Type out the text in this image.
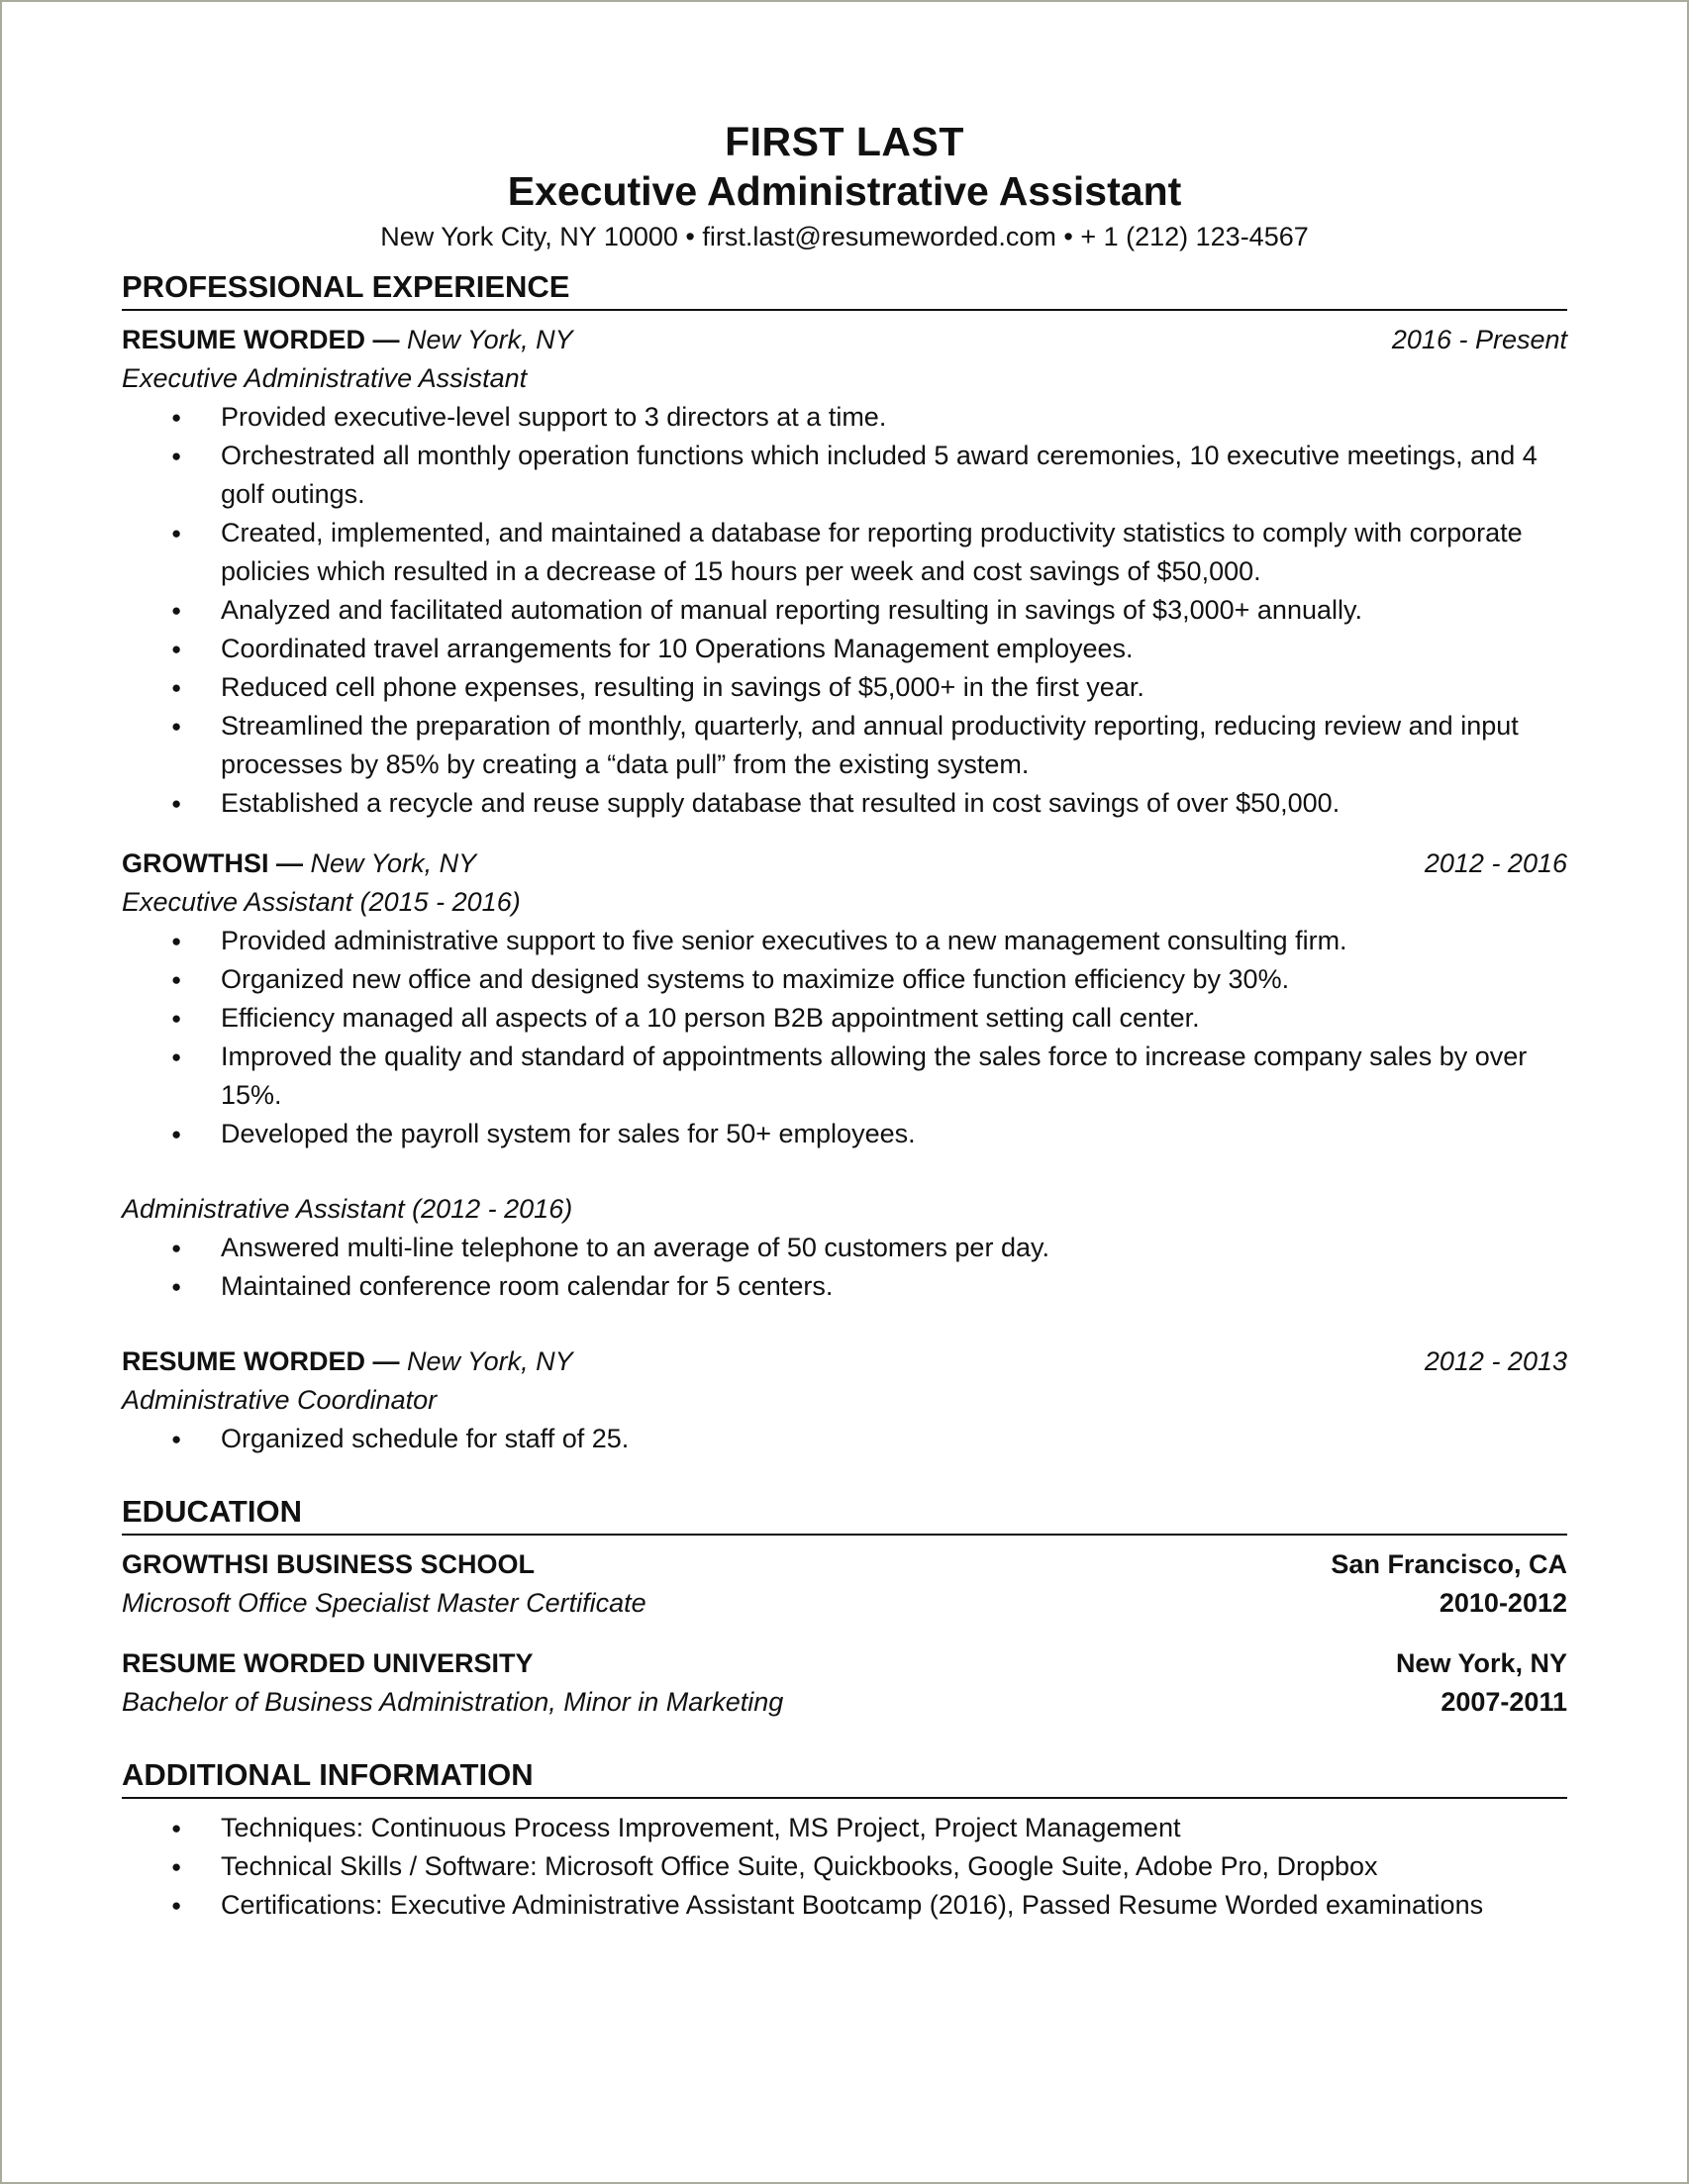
FIRST LAST
Executive Administrative Assistant
New York City, NY 10000 • first.last@resumeworded.com • + 1 (212) 123-4567
PROFESSIONAL EXPERIENCE
RESUME WORDED — New York, NY	2016 - Present
Executive Administrative Assistant
● Provided executive-level support to 3 directors at a time.
● Orchestrated all monthly operation functions which included 5 award ceremonies, 10 executive meetings, and 4 golf outings.
● Created, implemented, and maintained a database for reporting productivity statistics to comply with corporate policies which resulted in a decrease of 15 hours per week and cost savings of $50,000.
● Analyzed and facilitated automation of manual reporting resulting in savings of $3,000+ annually.
● Coordinated travel arrangements for 10 Operations Management employees.
● Reduced cell phone expenses, resulting in savings of $5,000+ in the first year.
● Streamlined the preparation of monthly, quarterly, and annual productivity reporting, reducing review and input processes by 85% by creating a “data pull” from the existing system.
● Established a recycle and reuse supply database that resulted in cost savings of over $50,000.
GROWTHSI — New York, NY	2012 - 2016
Executive Assistant (2015 - 2016)
● Provided administrative support to five senior executives to a new management consulting firm.
● Organized new office and designed systems to maximize office function efficiency by 30%.
● Efficiency managed all aspects of a 10 person B2B appointment setting call center.
● Improved the quality and standard of appointments allowing the sales force to increase company sales by over 15%.
● Developed the payroll system for sales for 50+ employees.
Administrative Assistant (2012 - 2016)
● Answered multi-line telephone to an average of 50 customers per day.
● Maintained conference room calendar for 5 centers.
RESUME WORDED — New York, NY	2012 - 2013
Administrative Coordinator
● Organized schedule for staff of 25.
EDUCATION
GROWTHSI BUSINESS SCHOOL	San Francisco, CA
Microsoft Office Specialist Master Certificate	2010-2012
RESUME WORDED UNIVERSITY	New York, NY
Bachelor of Business Administration, Minor in Marketing	2007-2011
ADDITIONAL INFORMATION
● Techniques: Continuous Process Improvement, MS Project, Project Management
● Technical Skills / Software: Microsoft Office Suite, Quickbooks, Google Suite, Adobe Pro, Dropbox
● Certifications: Executive Administrative Assistant Bootcamp (2016), Passed Resume Worded examinations
